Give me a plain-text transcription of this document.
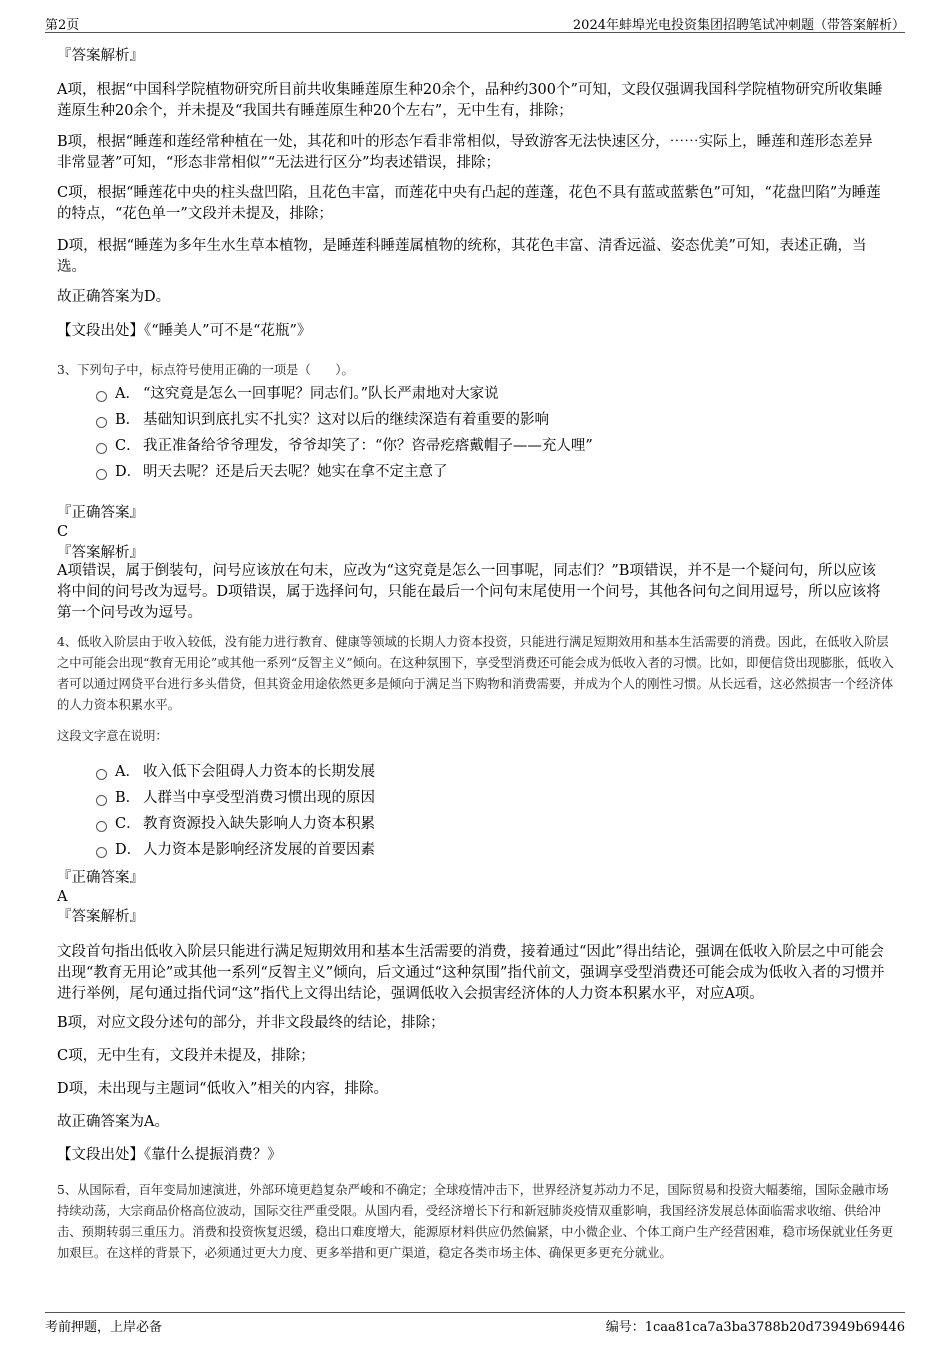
第2页	2024年蚌埠光电投资集团招聘笔试冲刺题（带答案解析）
『答案解析』
A项，根据“中国科学院植物研究所目前共收集睡莲原生种20余个，品种约300个”可知，文段仅强调我国科学院植物研究所收集睡莲原生种20余个，并未提及“我国共有睡莲原生种20个左右”，无中生有，排除；
B项，根据“睡莲和莲经常种植在一处，其花和叶的形态乍看非常相似，导致游客无法快速区分，⋯⋯实际上，睡莲和莲形态差异非常显著”可知，“形态非常相似”“无法进行区分”均表述错误，排除；
C项，根据“睡莲花中央的柱头盘凹陷，且花色丰富，而莲花中央有凸起的莲蓬，花色不具有蓝或蓝紫色”可知，“花盘凹陷”为睡莲的特点，“花色单一”文段并未提及，排除；
D项，根据“睡莲为多年生水生草本植物，是睡莲科睡莲属植物的统称，其花色丰富、清香远溢、姿态优美”可知，表述正确，当选。
故正确答案为D。
【文段出处】《“睡美人”可不是“花瓶”》
3、下列句子中，标点符号使用正确的一项是（　　）。
A． “这究竟是怎么一回事呢？同志们。”队长严肃地对大家说
B． 基础知识到底扎实不扎实？这对以后的继续深造有着重要的影响
C． 我正准备给爷爷理发，爷爷却笑了：“你？咨帚疙瘩戴帽子——充人哩”
D． 明天去呢？还是后天去呢？她实在拿不定主意了
『正确答案』
C
『答案解析』
A项错误，属于倒装句，问号应该放在句末，应改为“这究竟是怎么一回事呢，同志们？”B项错误，并不是一个疑问句，所以应该将中间的问号改为逗号。D项错误，属于选择问句，只能在最后一个问句末尾使用一个问号，其他各问句之间用逗号，所以应该将第一个问号改为逗号。
4、低收入阶层由于收入较低，没有能力进行教育、健康等领域的长期人力资本投资，只能进行满足短期效用和基本生活需要的消费。因此，在低收入阶层之中可能会出现“教育无用论”或其他一系列“反智主义”倾向。在这种氛围下，享受型消费还可能会成为低收入者的习惯。比如，即便信贷出现膨胀，低收入者可以通过网贷平台进行多头借贷，但其资金用途依然更多是倾向于满足当下购物和消费需要，并成为个人的刚性习惯。从长远看，这必然损害一个经济体的人力资本积累水平。
这段文字意在说明：
A． 收入低下会阻碍人力资本的长期发展
B． 人群当中享受型消费习惯出现的原因
C． 教育资源投入缺失影响人力资本积累
D． 人力资本是影响经济发展的首要因素
『正确答案』
A
『答案解析』
文段首句指出低收入阶层只能进行满足短期效用和基本生活需要的消费，接着通过“因此”得出结论，强调在低收入阶层之中可能会出现“教育无用论”或其他一系列“反智主义”倾向，后文通过“这种氛围”指代前文，强调享受型消费还可能会成为低收入者的习惯并进行举例，尾句通过指代词“这”指代上文得出结论，强调低收入会损害经济体的人力资本积累水平，对应A项。
B项，对应文段分述句的部分，并非文段最终的结论，排除；
C项，无中生有，文段并未提及，排除；
D项，未出现与主题词“低收入”相关的内容，排除。
故正确答案为A。
【文段出处】《靠什么提振消费？》
5、从国际看，百年变局加速演进，外部环境更趋复杂严峻和不确定；全球疫情冲击下，世界经济复苏动力不足，国际贸易和投资大幅萎缩，国际金融市场持续动荡，大宗商品价格高位波动，国际交往严重受限。从国内看，受经济增长下行和新冠肺炎疫情双重影响，我国经济发展总体面临需求收缩、供给冲击、预期转弱三重压力。消费和投资恢复迟缓，稳出口难度增大，能源原材料供应仍然偏紧，中小微企业、个体工商户生产经营困难，稳市场保就业任务更加艰巨。在这样的背景下，必须通过更大力度、更多举措和更广渠道，稳定各类市场主体、确保更多更充分就业。
考前押题，上岸必备	编号：1caa81ca7a3ba3788b20d73949b69446
